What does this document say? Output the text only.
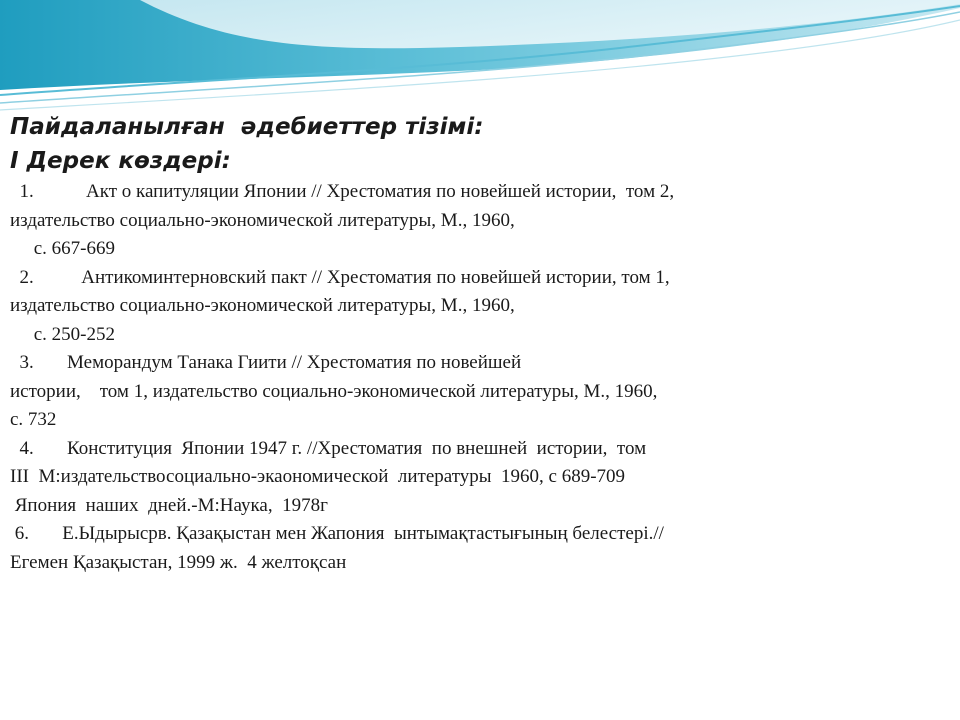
Пайдаланылған  әдебиеттер тізімі:

I Дерек көздері:

1.           Акт о капитуляции Японии // Хрестоматия по новейшей истории,  том 2,
издательство социально-экономической литературы, М., 1960,
с. 667-669
2.          Антикоминтерновский пакт // Хрестоматия по новейшей истории, том 1,
издательство социально-экономической литературы, М., 1960,
с. 250-252
3.       Меморандум Танака Гиити // Хрестоматия по новейшей
истории,    том 1, издательство социально-экономической литературы, М., 1960,
с. 732
4.       Конституция  Японии 1947 г. //Хрестоматия  по внешней  истории,  том
III  М:издательствосоциально-экаономической  литературы  1960, с 689-709
Япония  наших  дней.-М:Наука,  1978г
6.       Е.Ыдырысрв. Қазақыстан мен Жапония  ынтымақтастығының белестері.//
Егемен Қазақыстан, 1999 ж.  4 желтоқсан
